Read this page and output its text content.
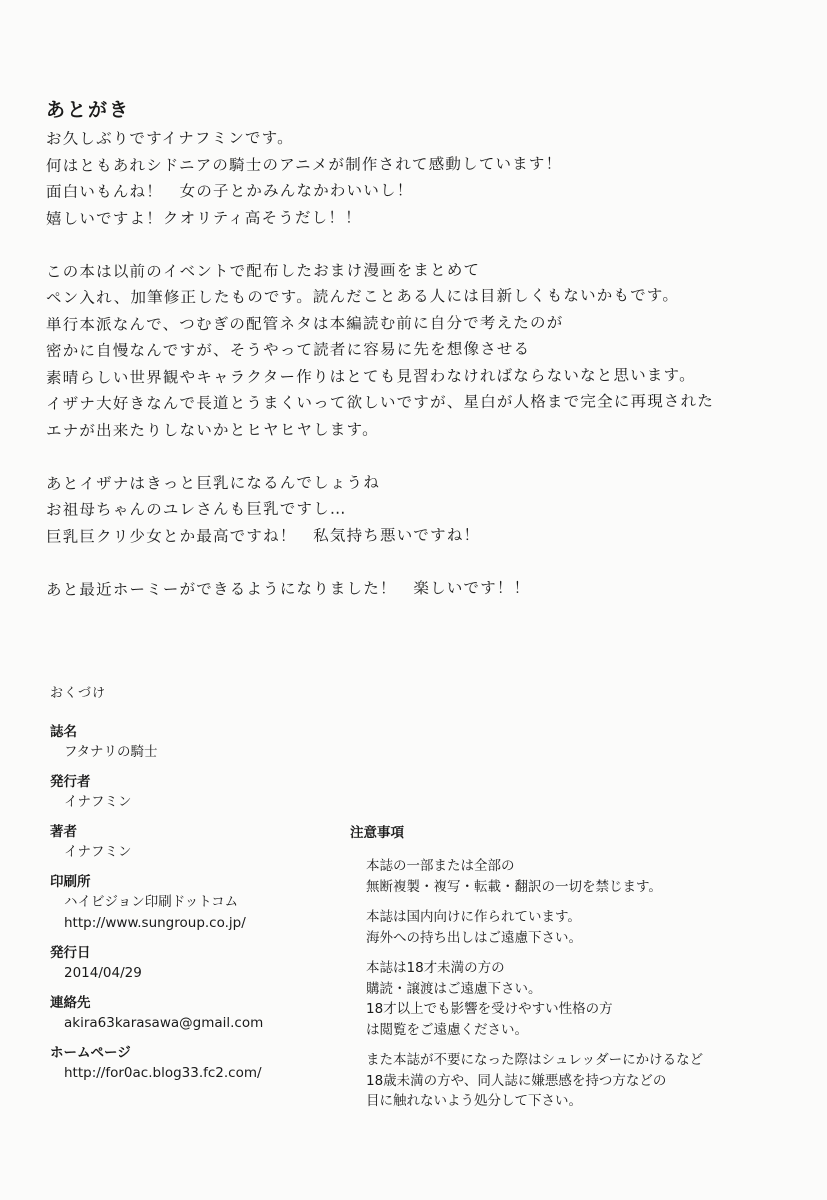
あとがき
お久しぶりですイナフミンです。
何はともあれシドニアの騎士のアニメが制作されて感動しています！
面白いもんね！　女の子とかみんなかわいいし！
嬉しいですよ！クオリティ高そうだし！！
この本は以前のイベントで配布したおまけ漫画をまとめて
ペン入れ、加筆修正したものです。読んだことある人には目新しくもないかもです。
単行本派なんで、つむぎの配管ネタは本編読む前に自分で考えたのが
密かに自慢なんですが、そうやって読者に容易に先を想像させる
素晴らしい世界観やキャラクター作りはとても見習わなければならないなと思います。
イザナ大好きなんで長道とうまくいって欲しいですが、星白が人格まで完全に再現された
エナが出来たりしないかとヒヤヒヤします。
あとイザナはきっと巨乳になるんでしょうね
お祖母ちゃんのユレさんも巨乳ですし…
巨乳巨クリ少女とか最高ですね！　私気持ち悪いですね！
あと最近ホーミーができるようになりました！　楽しいです！！
おくづけ
誌名
フタナリの騎士
発行者
イナフミン
著者
イナフミン
印刷所
ハイビジョン印刷ドットコム
http://www.sungroup.co.jp/
発行日
2014/04/29
連絡先
akira63karasawa@gmail.com
ホームページ
http://for0ac.blog33.fc2.com/
注意事項
本誌の一部または全部の
無断複製・複写・転載・翻訳の一切を禁じます。
本誌は国内向けに作られています。
海外への持ち出しはご遠慮下さい。
本誌は18才未満の方の
購読・譲渡はご遠慮下さい。
18才以上でも影響を受けやすい性格の方
は閲覧をご遠慮ください。
また本誌が不要になった際はシュレッダーにかけるなど
18歳未満の方や、同人誌に嫌悪感を持つ方などの
目に触れないよう処分して下さい。
